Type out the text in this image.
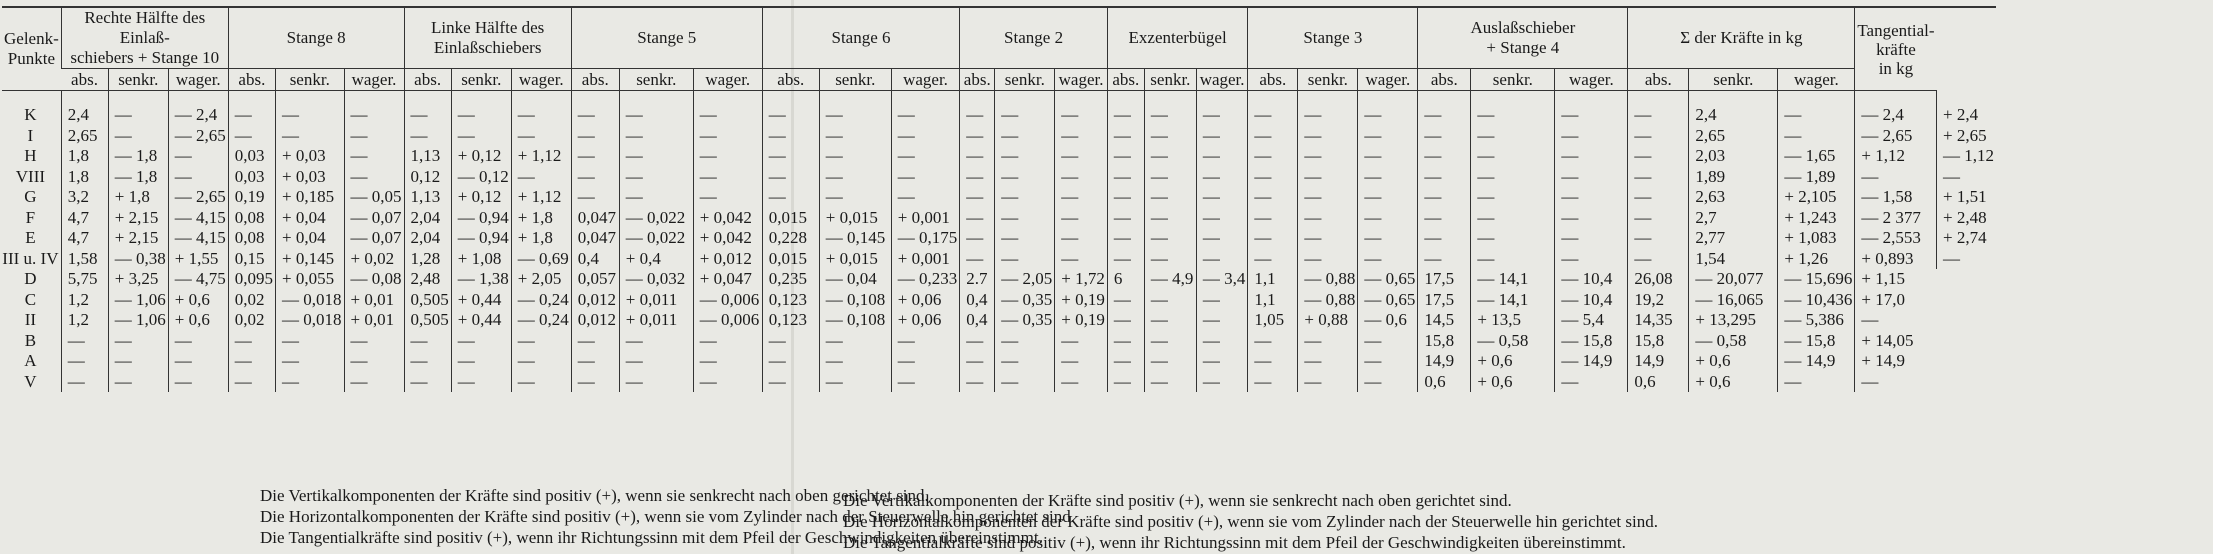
Gelenk-
Punkte	Rechte Hälfte des Einlaß-
schiebers + Stange 10			Stange 8			Linke Hälfte des
Einlaßschiebers			Stange 5			Stange 6			Stange 2			Exzenterbügel			Stange 3			Auslaßschieber
+ Stange 4			Σ der Kräfte in kg			Tangential-
kräfte
in kg	
	abs.	senkr.	wager.	abs.	senkr.	wager.	abs.	senkr.	wager.	abs.	senkr.	wager.	abs.	senkr.	wager.	abs.	senkr.	wager.	abs.	senkr.	wager.	abs.	senkr.	wager.	abs.	senkr.	wager.	abs.	senkr.	wager.		
K	2,4	—	— 2,4	—	—	—	—	—	—	—	—	—	—	—	—	—	—	—	—	—	—	—	—	—	—	—	—	—	2,4	—	— 2,4	+ 2,4
I	2,65	—	— 2,65	—	—	—	—	—	—	—	—	—	—	—	—	—	—	—	—	—	—	—	—	—	—	—	—	—	2,65	—	— 2,65	+ 2,65
H	1,8	— 1,8	—	0,03	+ 0,03	—	1,13	+ 0,12	+ 1,12	—	—	—	—	—	—	—	—	—	—	—	—	—	—	—	—	—	—	—	2,03	— 1,65	+ 1,12	— 1,12
VIII	1,8	— 1,8	—	0,03	+ 0,03	—	0,12	— 0,12	—	—	—	—	—	—	—	—	—	—	—	—	—	—	—	—	—	—	—	—	1,89	— 1,89	—	—
G	3,2	+ 1,8	— 2,65	0,19	+ 0,185	— 0,05	1,13	+ 0,12	+ 1,12	—	—	—	—	—	—	—	—	—	—	—	—	—	—	—	—	—	—	—	2,63	+ 2,105	— 1,58	+ 1,51
F	4,7	+ 2,15	— 4,15	0,08	+ 0,04	— 0,07	2,04	— 0,94	+ 1,8	0,047	— 0,022	+ 0,042	0,015	+ 0,015	+ 0,001	—	—	—	—	—	—	—	—	—	—	—	—	—	2,7	+ 1,243	— 2 377	+ 2,48
E	4,7	+ 2,15	— 4,15	0,08	+ 0,04	— 0,07	2,04	— 0,94	+ 1,8	0,047	— 0,022	+ 0,042	0,228	— 0,145	— 0,175	—	—	—	—	—	—	—	—	—	—	—	—	—	2,77	+ 1,083	— 2,553	+ 2,74
III u. IV	1,58	— 0,38	+ 1,55	0,15	+ 0,145	+ 0,02	1,28	+ 1,08	— 0,69	0,4	+ 0,4	+ 0,012	0,015	+ 0,015	+ 0,001	—	—	—	—	—	—	—	—	—	—	—	—	—	1,54	+ 1,26	+ 0,893	—
D	5,75	+ 3,25	— 4,75	0,095	+ 0,055	— 0,08	2,48	— 1,38	+ 2,05	0,057	— 0,032	+ 0,047	0,235	— 0,04	— 0,233	2.7	— 2,05	+ 1,72	6	— 4,9	— 3,4	1,1	— 0,88	— 0,65	17,5	— 14,1	— 10,4	26,08	— 20,077	— 15,696	+ 1,15	
C	1,2	— 1,06	+ 0,6	0,02	— 0,018	+ 0,01	0,505	+ 0,44	— 0,24	0,012	+ 0,011	— 0,006	0,123	— 0,108	+ 0,06	0,4	— 0,35	+ 0,19	—	—	—	1,1	— 0,88	— 0,65	17,5	— 14,1	— 10,4	19,2	— 16,065	— 10,436	+ 17,0	
II	1,2	— 1,06	+ 0,6	0,02	— 0,018	+ 0,01	0,505	+ 0,44	— 0,24	0,012	+ 0,011	— 0,006	0,123	— 0,108	+ 0,06	0,4	— 0,35	+ 0,19	—	—	—	1,05	+ 0,88	— 0,6	14,5	+ 13,5	— 5,4	14,35	+ 13,295	— 5,386	—	
B	—	—	—	—	—	—	—	—	—	—	—	—	—	—	—	—	—	—	—	—	—	—	—	—	15,8	— 0,58	— 15,8	15,8	— 0,58	— 15,8	+ 14,05	
A	—	—	—	—	—	—	—	—	—	—	—	—	—	—	—	—	—	—	—	—	—	—	—	—	14,9	+ 0,6	— 14,9	14,9	+ 0,6	— 14,9	+ 14,9	
V	—	—	—	—	—	—	—	—	—	—	—	—	—	—	—	—	—	—	—	—	—	—	—	—	0,6	+ 0,6	—	0,6	+ 0,6	—	—	
Die Vertikalkomponenten der Kräfte sind positiv (+), wenn sie senkrecht nach oben gerichtet sind.
Die Horizontalkomponenten der Kräfte sind positiv (+), wenn sie vom Zylinder nach der Steuerwelle hin gerichtet sind.
Die Tangentialkräfte sind positiv (+), wenn ihr Richtungssinn mit dem Pfeil der Geschwindigkeiten übereinstimmt.
Die Vertikalkomponenten der Kräfte sind positiv (+), wenn sie senkrecht nach oben gerichtet sind.
Die Horizontalkomponenten der Kräfte sind positiv (+), wenn sie vom Zylinder nach der Steuerwelle hin gerichtet sind.
Die Tangentialkräfte sind positiv (+), wenn ihr Richtungssinn mit dem Pfeil der Geschwindigkeiten übereinstimmt.
